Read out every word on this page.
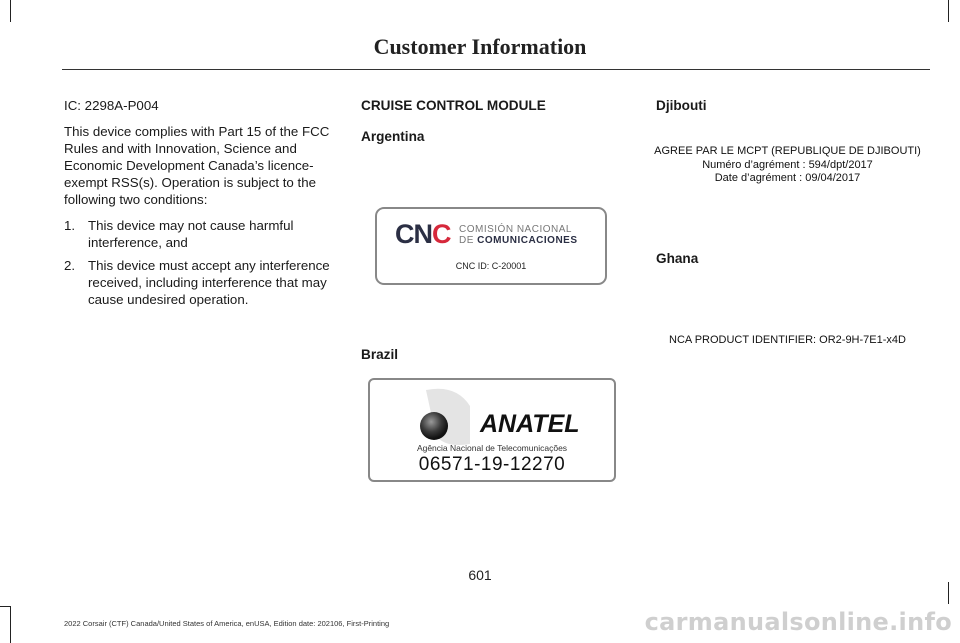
Customer Information

IC: 2298A-P004

This device complies with Part 15 of the FCC Rules and with Innovation, Science and Economic Development Canada’s licence-exempt RSS(s). Operation is subject to the following two conditions:

1. This device may not cause harmful interference, and
2. This device must accept any interference received, including interference that may cause undesired operation.

CRUISE CONTROL MODULE

Argentina

CNC COMISIÓN NACIONAL
DE COMUNICACIONES
CNC ID: C-20001
Brazil
ANATEL
Agência Nacional de Telecomunicações
06571-19-12270

Djibouti

AGREE PAR LE MCPT (REPUBLIQUE DE DJIBOUTI)
Numéro d’agrément : 594/dpt/2017
Date d’agrément : 09/04/2017
Ghana
NCA PRODUCT IDENTIFIER: OR2-9H-7E1-x4D
601
2022 Corsair (CTF) Canada/United States of America, enUSA, Edition date: 202106, First-Printing	carmanualsonline.info
